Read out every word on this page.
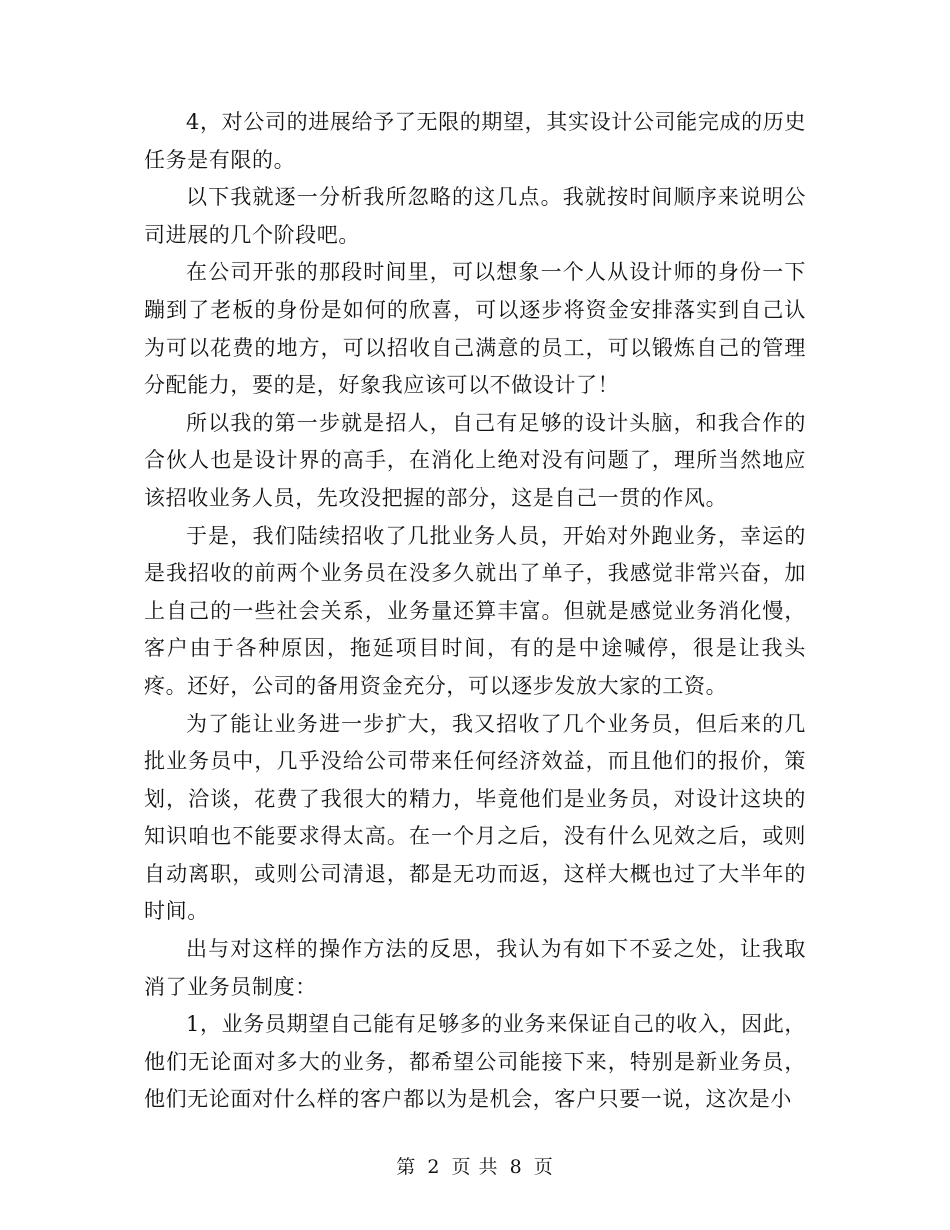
4，对公司的进展给予了无限的期望，其实设计公司能完成的历史任务是有限的。

以下我就逐一分析我所忽略的这几点。我就按时间顺序来说明公司进展的几个阶段吧。

在公司开张的那段时间里，可以想象一个人从设计师的身份一下蹦到了老板的身份是如何的欣喜，可以逐步将资金安排落实到自己认为可以花费的地方，可以招收自己满意的员工，可以锻炼自己的管理分配能力，要的是，好象我应该可以不做设计了！

所以我的第一步就是招人，自己有足够的设计头脑，和我合作的合伙人也是设计界的高手，在消化上绝对没有问题了，理所当然地应该招收业务人员，先攻没把握的部分，这是自己一贯的作风。

于是，我们陆续招收了几批业务人员，开始对外跑业务，幸运的是我招收的前两个业务员在没多久就出了单子，我感觉非常兴奋，加上自己的一些社会关系，业务量还算丰富。但就是感觉业务消化慢，客户由于各种原因，拖延项目时间，有的是中途喊停，很是让我头疼。还好，公司的备用资金充分，可以逐步发放大家的工资。

为了能让业务进一步扩大，我又招收了几个业务员，但后来的几批业务员中，几乎没给公司带来任何经济效益，而且他们的报价，策划，洽谈，花费了我很大的精力，毕竟他们是业务员，对设计这块的知识咱也不能要求得太高。在一个月之后，没有什么见效之后，或则自动离职，或则公司清退，都是无功而返，这样大概也过了大半年的时间。

出与对这样的操作方法的反思，我认为有如下不妥之处，让我取消了业务员制度：

1，业务员期望自己能有足够多的业务来保证自己的收入，因此，他们无论面对多大的业务，都希望公司能接下来，特别是新业务员，他们无论面对什么样的客户都以为是机会，客户只要一说，这次是小

第 2 页 共 8 页
